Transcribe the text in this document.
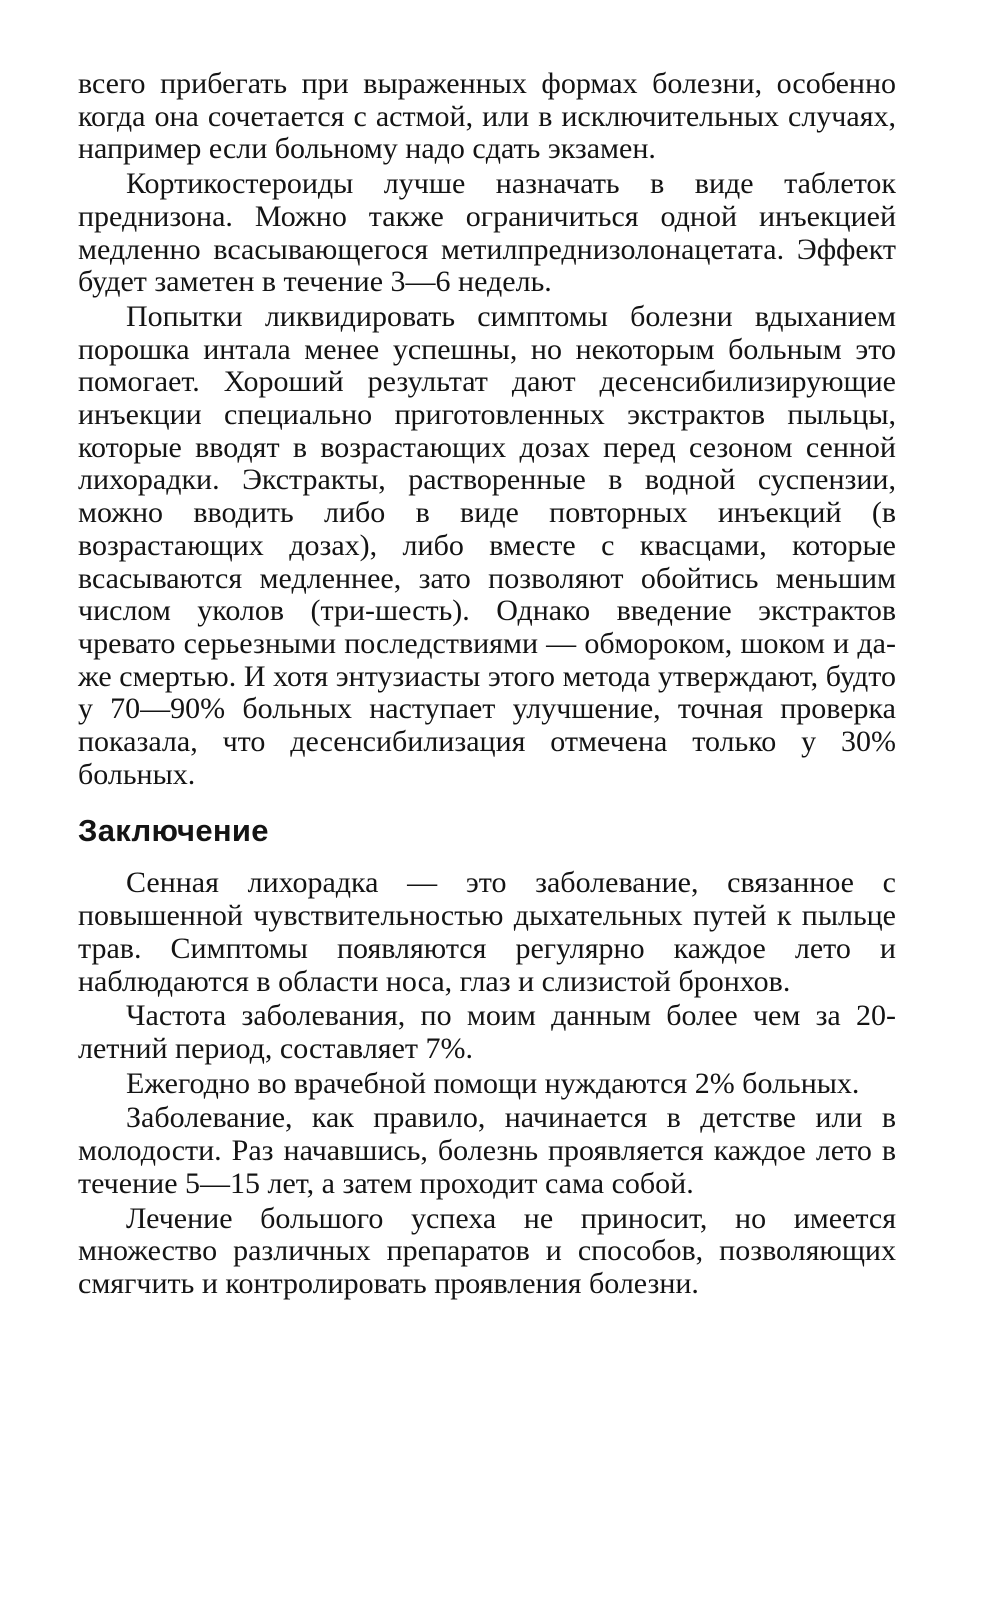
всего прибегать при выраженных формах болезни, особенно когда она сочетается с астмой, или в исключительных случаях, например если больному надо сдать экзамен.

Кортикостероиды лучше назначать в виде таблеток преднизона. Можно также ограничиться одной инъекцией медленно всасывающегося метилпреднизолонацетата. Эффект будет заметен в течение 3—6 недель.

Попытки ликвидировать симптомы болезни вдыханием порошка интала менее успешны, но некоторым больным это помогает. Хороший результат дают десенсибилизирующие инъекции специально приготовленных экстрактов пыльцы, которые вводят в возрастающих дозах перед сезоном сенной лихорадки. Экстракты, растворенные в водной суспензии, можно вводить либо в виде повторных инъекций (в возрастающих дозах), либо вместе с квасцами, которые всасываются медленнее, зато позволяют обойтись меньшим числом уколов (три-шесть). Однако введение экстрактов чревато серьезными последствиями — обмороком, шоком и даже смертью. И хотя энтузиасты этого метода утверждают, будто у 70—90% больных наступает улучшение, точная проверка показала, что десенсибилизация отмечена только у 30% больных.

Заключение

Сенная лихорадка — это заболевание, связанное с повышенной чувствительностью дыхательных путей к пыльце трав. Симптомы появляются регулярно каждое лето и наблюдаются в области носа, глаз и слизистой бронхов.

Частота заболевания, по моим данным более чем за 20-летний период, составляет 7%.

Ежегодно во врачебной помощи нуждаются 2% больных.

Заболевание, как правило, начинается в детстве или в молодости. Раз начавшись, болезнь проявляется каждое лето в течение 5—15 лет, а затем проходит сама собой.

Лечение большого успеха не приносит, но имеется множество различных препаратов и способов, позволяющих смягчить и контролировать проявления болезни.
